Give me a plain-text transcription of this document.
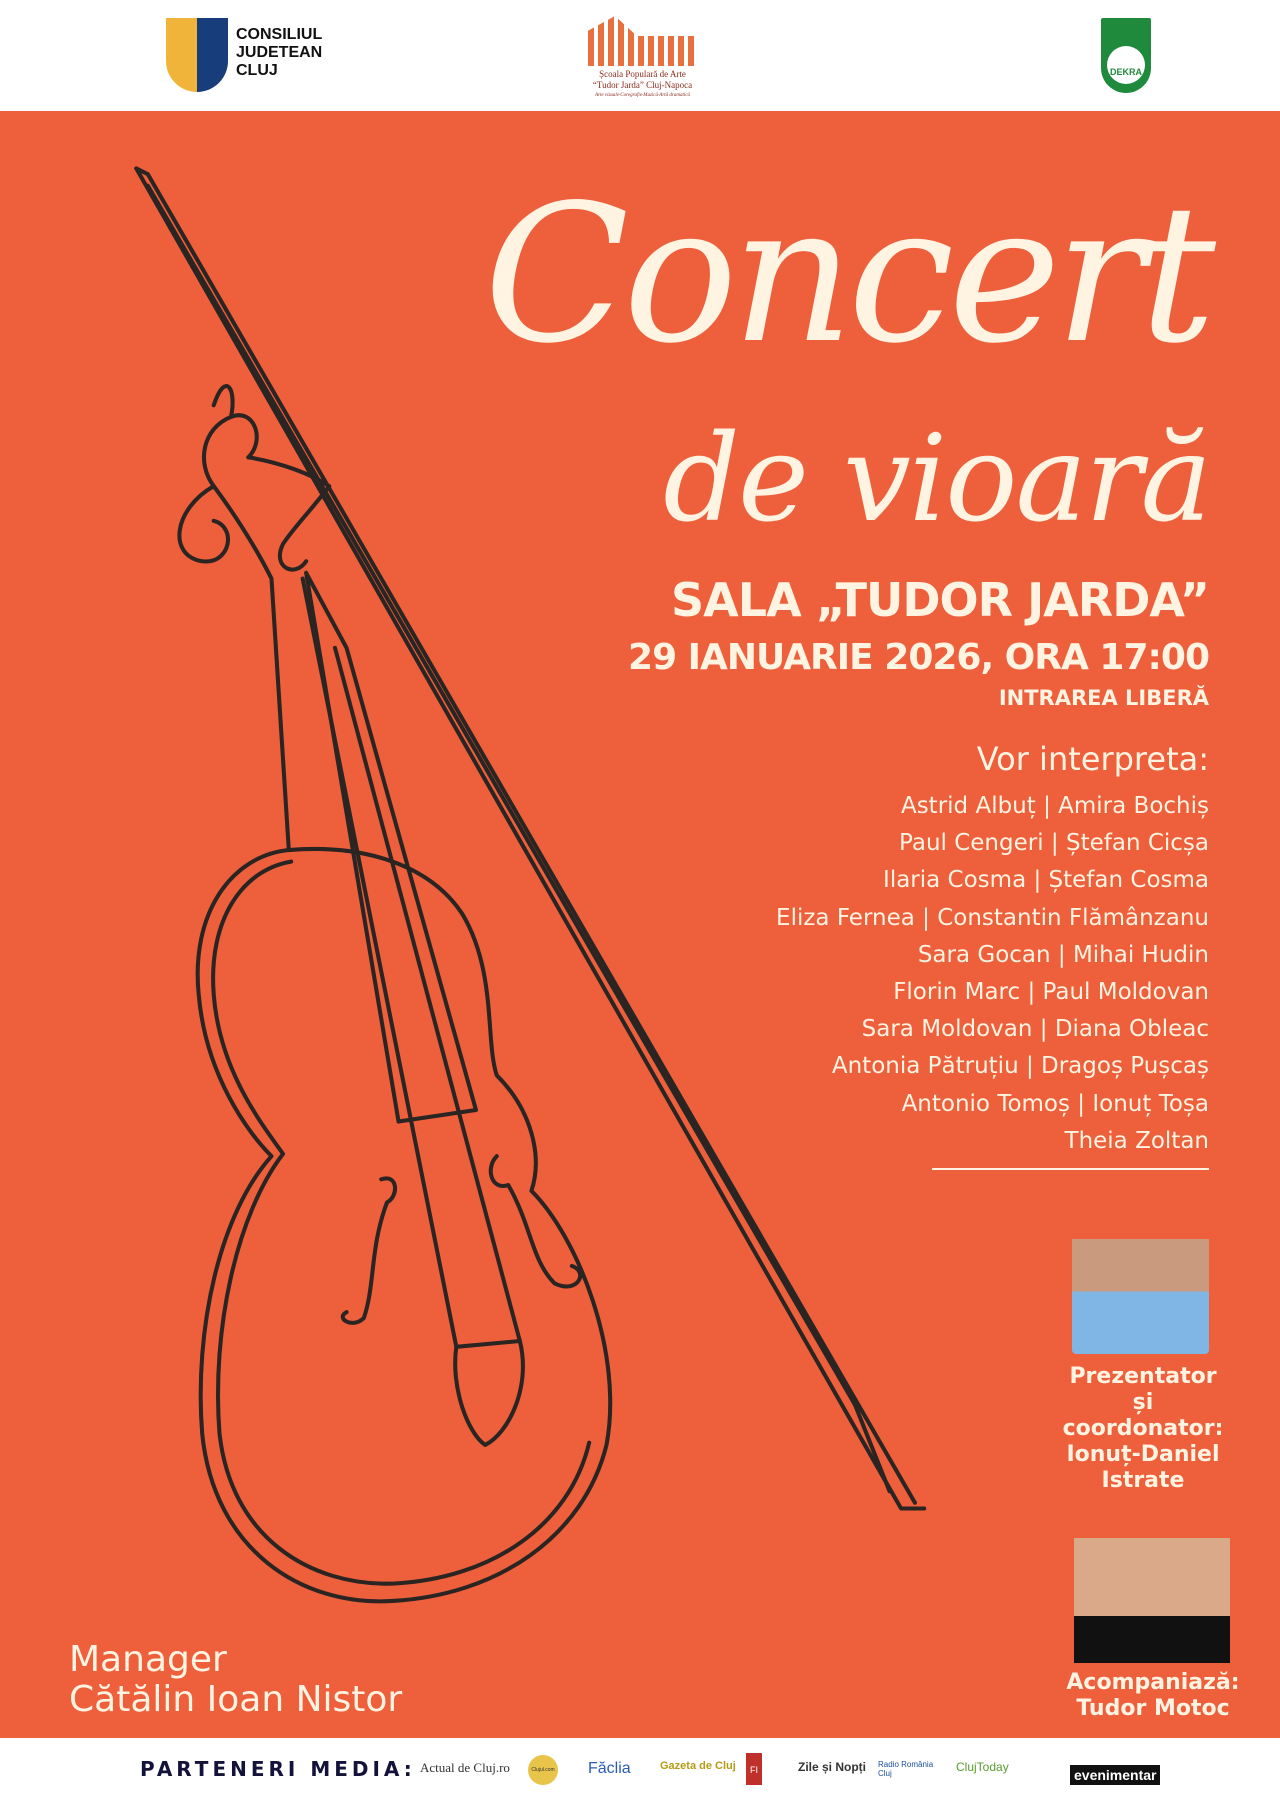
CONSILIUL
JUDETEAN
CLUJ	Școala Populară de Arte
“Tudor Jarda” Cluj-Napoca
Arte vizuale·Coregrafie·Muzică·Artă dramatică
DEKRA
Concert
de vioară
SALA „TUDOR JARDA”
29 IANUARIE 2026, ORA 17:00
INTRAREA LIBERĂ
Vor interpreta:
Astrid Albuț | Amira Bochiș
Paul Cengeri | Ștefan Cicșa
Ilaria Cosma | Ștefan Cosma
Eliza Fernea | Constantin Flămânzanu
Sara Gocan | Mihai Hudin
Florin Marc | Paul Moldovan
Sara Moldovan | Diana Obleac
Antonia Pătruțiu | Dragoș Pușcaș
Antonio Tomoș | Ionuț Toșa
Theia Zoltan
Prezentator
și coordonator:
Ionuț-Daniel
Istrate
Acompaniază:
Tudor Motoc
Manager
Cătălin Ioan Nistor
PARTENERI MEDIA: Actual de Cluj.ro	Clujul.com Făclia	Gazeta de Cluj	FI	Zile și Nopți Radio România Cluj	ClujToday	evenimentar
